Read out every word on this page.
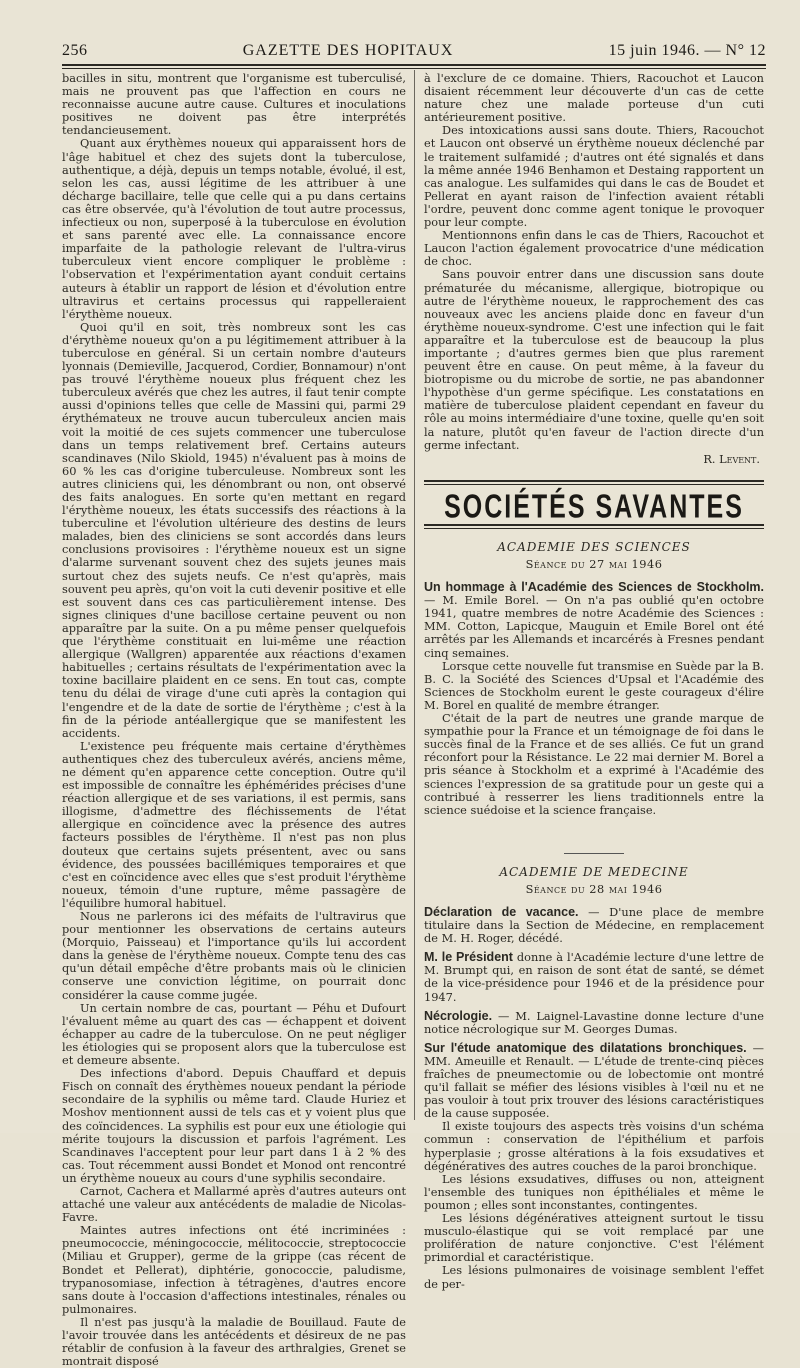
256	GAZETTE DES HOPITAUX	15 juin 1946. — N° 12

bacilles in situ, montrent que l'organisme est tuberculisé, mais ne prouvent pas que l'affection en cours ne reconnaisse aucune autre cause. Cultures et inoculations positives ne doivent pas être interprétés tendancieusement.

Quant aux érythèmes noueux qui apparaissent hors de l'âge habituel et chez des sujets dont la tuberculose, authentique, a déjà, depuis un temps notable, évolué, il est, selon les cas, aussi légitime de les attribuer à une décharge bacillaire, telle que celle qui a pu dans certains cas être observée, qu'à l'évolution de tout autre processus, infectieux ou non, superposé à la tuberculose en évolution et sans parenté avec elle. La connaissance encore imparfaite de la pathologie relevant de l'ultra-virus tuberculeux vient encore compliquer le problème : l'observation et l'expérimentation ayant conduit certains auteurs à établir un rapport de lésion et d'évolution entre ultravirus et certains processus qui rappelleraient l'érythème noueux.

Quoi qu'il en soit, très nombreux sont les cas d'érythème noueux qu'on a pu légitimement attribuer à la tuberculose en général. Si un certain nombre d'auteurs lyonnais (Demieville, Jacquerod, Cordier, Bonnamour) n'ont pas trouvé l'érythème noueux plus fréquent chez les tuberculeux avérés que chez les autres, il faut tenir compte aussi d'opinions telles que celle de Massini qui, parmi 29 érythémateux ne trouve aucun tuberculeux ancien mais voit la moitié de ces sujets commencer une tuberculose dans un temps relativement bref. Certains auteurs scandinaves (Nilo Skiold, 1945) n'évaluent pas à moins de 60 % les cas d'origine tuberculeuse. Nombreux sont les autres cliniciens qui, les dénombrant ou non, ont observé des faits analogues. En sorte qu'en mettant en regard l'érythème noueux, les états successifs des réactions à la tuberculine et l'évolution ultérieure des destins de leurs malades, bien des cliniciens se sont accordés dans leurs conclusions provisoires : l'érythème noueux est un signe d'alarme survenant souvent chez des sujets jeunes mais surtout chez des sujets neufs. Ce n'est qu'après, mais souvent peu après, qu'on voit la cuti devenir positive et elle est souvent dans ces cas particulièrement intense. Des signes cliniques d'une bacillose certaine peuvent ou non apparaître par la suite. On a pu même penser quelquefois que l'érythème constituait en lui-même une réaction allergique (Wallgren) apparentée aux réactions d'examen habituelles ; certains résultats de l'expérimentation avec la toxine bacillaire plaident en ce sens. En tout cas, compte tenu du délai de virage d'une cuti après la contagion qui l'engendre et de la date de sortie de l'érythème ; c'est à la fin de la période antéallergique que se manifestent les accidents.

L'existence peu fréquente mais certaine d'érythèmes authentiques chez des tuberculeux avérés, anciens même, ne dément qu'en apparence cette conception. Outre qu'il est impossible de connaître les éphémérides précises d'une réaction allergique et de ses variations, il est permis, sans illogisme, d'admettre des fléchissements de l'état allergique en coïncidence avec la présence des autres facteurs possibles de l'érythème. Il n'est pas non plus douteux que certains sujets présentent, avec ou sans évidence, des poussées bacillémiques temporaires et que c'est en coïncidence avec elles que s'est produit l'érythème noueux, témoin d'une rupture, même passagère de l'équilibre humoral habituel.

Nous ne parlerons ici des méfaits de l'ultravirus que pour mentionner les observations de certains auteurs (Morquio, Paisseau) et l'importance qu'ils lui accordent dans la genèse de l'érythème noueux. Compte tenu des cas qu'un détail empêche d'être probants mais où le clinicien conserve une conviction légitime, on pourrait donc considérer la cause comme jugée.

Un certain nombre de cas, pourtant — Péhu et Dufourt l'évaluent même au quart des cas — échappent et doivent échapper au cadre de la tuberculose. On ne peut négliger les étiologies qui se proposent alors que la tuberculose est et demeure absente.

Des infections d'abord. Depuis Chauffard et depuis Fisch on connaît des érythèmes noueux pendant la période secondaire de la syphilis ou même tard. Claude Huriez et Moshov mentionnent aussi de tels cas et y voient plus que des coïncidences. La syphilis est pour eux une étiologie qui mérite toujours la discussion et parfois l'agrément. Les Scandinaves l'acceptent pour leur part dans 1 à 2 % des cas. Tout récemment aussi Bondet et Monod ont rencontré un érythème noueux au cours d'une syphilis secondaire.

Carnot, Cachera et Mallarmé après d'autres auteurs ont attaché une valeur aux antécédents de maladie de Nicolas-Favre.

Maintes autres infections ont été incriminées : pneumococcie, méningococcie, mélitococcie, streptococcie (Miliau et Grupper), germe de la grippe (cas récent de Bondet et Pellerat), diphtérie, gonococcie, paludisme, trypanosomiase, infection à tétragènes, d'autres encore sans doute à l'occasion d'affections intestinales, rénales ou pulmonaires.

Il n'est pas jusqu'à la maladie de Bouillaud. Faute de l'avoir trouvée dans les antécédents et désireux de ne pas rétablir de confusion à la faveur des arthralgies, Grenet se montrait disposé

à l'exclure de ce domaine. Thiers, Racouchot et Laucon disaient récemment leur découverte d'un cas de cette nature chez une malade porteuse d'un cuti antérieurement positive.

Des intoxications aussi sans doute. Thiers, Racouchot et Laucon ont observé un érythème noueux déclenché par le traitement sulfamidé ; d'autres ont été signalés et dans la même année 1946 Benhamon et Destaing rapportent un cas analogue. Les sulfamides qui dans le cas de Boudet et Pellerat en ayant raison de l'infection avaient rétabli l'ordre, peuvent donc comme agent tonique le provoquer pour leur compte.

Mentionnons enfin dans le cas de Thiers, Racouchot et Laucon l'action également provocatrice d'une médication de choc.

Sans pouvoir entrer dans une discussion sans doute prématurée du mécanisme, allergique, biotropique ou autre de l'érythème noueux, le rapprochement des cas nouveaux avec les anciens plaide donc en faveur d'un érythème noueux-syndrome. C'est une infection qui le fait apparaître et la tuberculose est de beaucoup la plus importante ; d'autres germes bien que plus rarement peuvent être en cause. On peut même, à la faveur du biotropisme ou du microbe de sortie, ne pas abandonner l'hypothèse d'un germe spécifique. Les constatations en matière de tuberculose plaident cependant en faveur du rôle au moins intermédiaire d'une toxine, quelle qu'en soit la nature, plutôt qu'en faveur de l'action directe d'un germe infectant.

R. Levent.
SOCIÉTÉS SAVANTES
ACADEMIE DES SCIENCES
Séance du 27 mai 1946

Un hommage à l'Académie des Sciences de Stockholm. — M. Emile Borel. — On n'a pas oublié qu'en octobre 1941, quatre membres de notre Académie des Sciences : MM. Cotton, Lapicque, Mauguin et Emile Borel ont été arrêtés par les Allemands et incarcérés à Fresnes pendant cinq semaines.

Lorsque cette nouvelle fut transmise en Suède par la B. B. C. la Société des Sciences d'Upsal et l'Académie des Sciences de Stockholm eurent le geste courageux d'élire M. Borel en qualité de membre étranger.

C'était de la part de neutres une grande marque de sympathie pour la France et un témoignage de foi dans le succès final de la France et de ses alliés. Ce fut un grand réconfort pour la Résistance. Le 22 mai dernier M. Borel a pris séance à Stockholm et a exprimé à l'Académie des sciences l'expression de sa gratitude pour un geste qui a contribué à resserrer les liens traditionnels entre la science suédoise et la science française.

ACADEMIE DE MEDECINE
Séance du 28 mai 1946

Déclaration de vacance. — D'une place de membre titulaire dans la Section de Médecine, en remplacement de M. H. Roger, décédé.

M. le Président donne à l'Académie lecture d'une lettre de M. Brumpt qui, en raison de sont état de santé, se démet de la vice-présidence pour 1946 et de la présidence pour 1947.

Nécrologie. — M. Laignel-Lavastine donne lecture d'une notice nécrologique sur M. Georges Dumas.

Sur l'étude anatomique des dilatations bronchiques. — MM. Ameuille et Renault. — L'étude de trente-cinq pièces fraîches de pneumectomie ou de lobectomie ont montré qu'il fallait se méfier des lésions visibles à l'œil nu et ne pas vouloir à tout prix trouver des lésions caractéristiques de la cause supposée.

Il existe toujours des aspects très voisins d'un schéma commun : conservation de l'épithélium et parfois hyperplasie ; grosse altérations à la fois exsudatives et dégénératives des autres couches de la paroi bronchique.

Les lésions exsudatives, diffuses ou non, atteignent l'ensemble des tuniques non épithéliales et même le poumon ; elles sont inconstantes, contingentes.

Les lésions dégénératives atteignent surtout le tissu musculo-élastique qui se voit remplacé par une prolifération de nature conjonctive. C'est l'élément primordial et caractéristique.

Les lésions pulmonaires de voisinage semblent l'effet de per-
